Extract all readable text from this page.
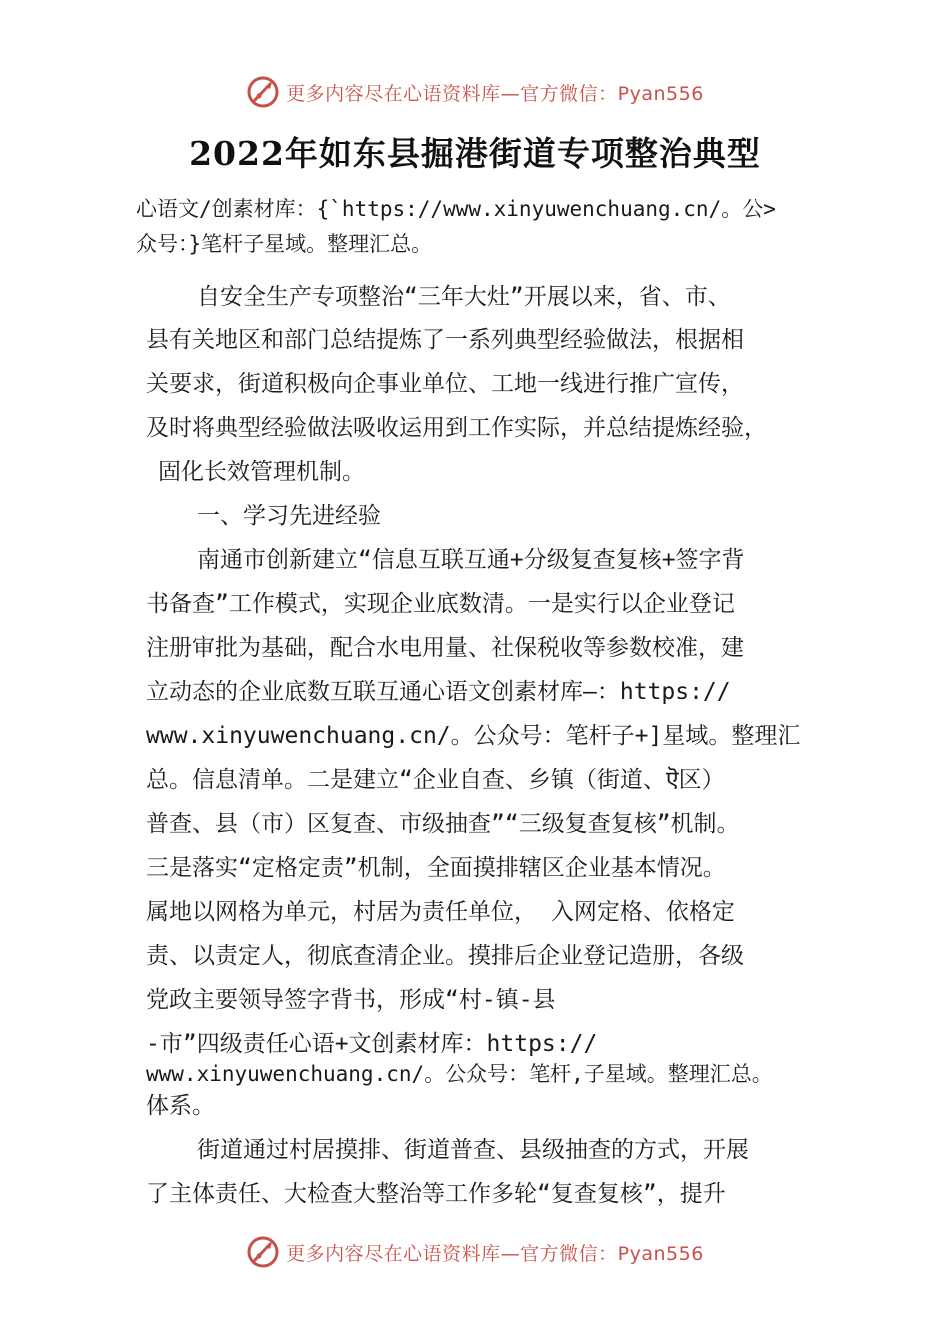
更多内容尽在心语资料库—官方微信：Pyan556
2022年如东县掘港街道专项整治典型
心语文/创素材库：{`https://www.xinyuwenchuang.cn/。公>
众号：}笔杆子星域。整理汇总。
自安全生产专项整治“三年大灶”开展以来，省、市、
县有关地区和部门总结提炼了一系列典型经验做法，根据相
关要求，街道积极向企事业单位、工地一线进行推广宣传，
及时将典型经验做法吸收运用到工作实际，并总结提炼经验，
固化长效管理机制。
一、学习先进经验
南通市创新建立“信息互联互通+分级复查复核+签字背
书备查”工作模式，实现企业底数清。一是实行以企业登记
注册审批为基础，配合水电用量、社保税收等参数校准，建
立动态的企业底数互联互通心语文创素材库—：https://
www.xinyuwenchuang.cn/。公众号：笔杆子+]星域。整理汇
总。信息清单。二是建立“企业自查、乡镇（街道、ऎ区）
普查、县（市）区复查、市级抽查”“三级复查复核”机制。
三是落实“定格定责”机制，全面摸排辖区企业基本情况。
属地以网格为单元，村居为责任单位， 入网定格、依格定
责、以责定人，彻底查清企业。摸排后企业登记造册，各级
党政主要领导签字背书，形成“村-镇-县
-市”四级责任心语+文创素材库：https://
www.xinyuwenchuang.cn/。公众号：笔杆,子星域。整理汇总。
体系。
街道通过村居摸排、街道普查、县级抽查的方式，开展
了主体责任、大检查大整治等工作多轮“复查复核”，提升
更多内容尽在心语资料库—官方微信：Pyan556
